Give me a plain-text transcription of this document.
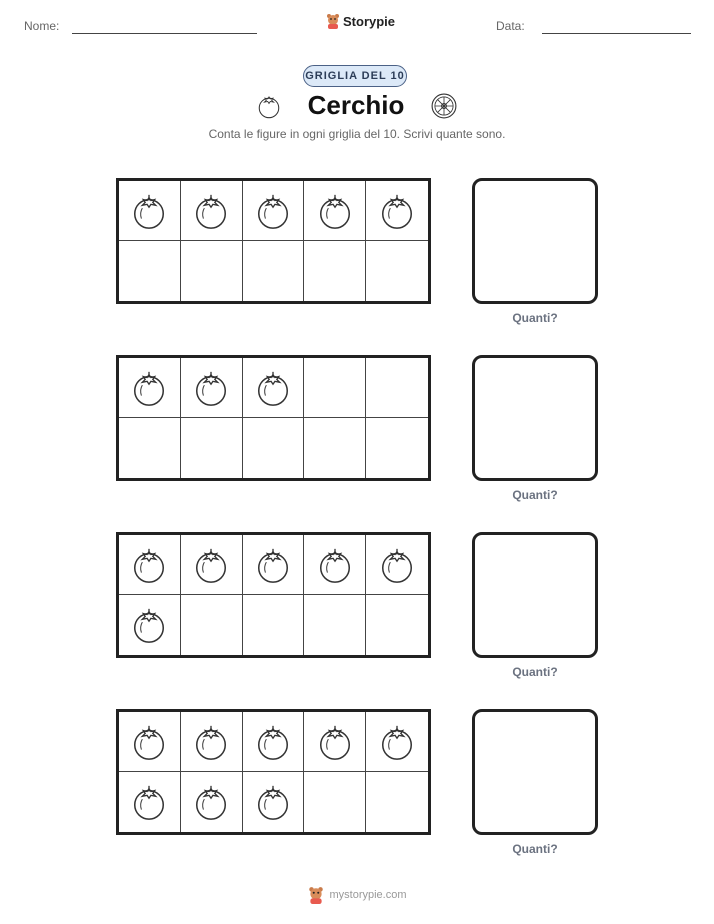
Nome:	Storypie	Data:
GRIGLIA DEL 10
Cerchio
Conta le figure in ogni griglia del 10. Scrivi quante sono.
Quanti?
Quanti?
Quanti?
Quanti?
mystorypie.com
